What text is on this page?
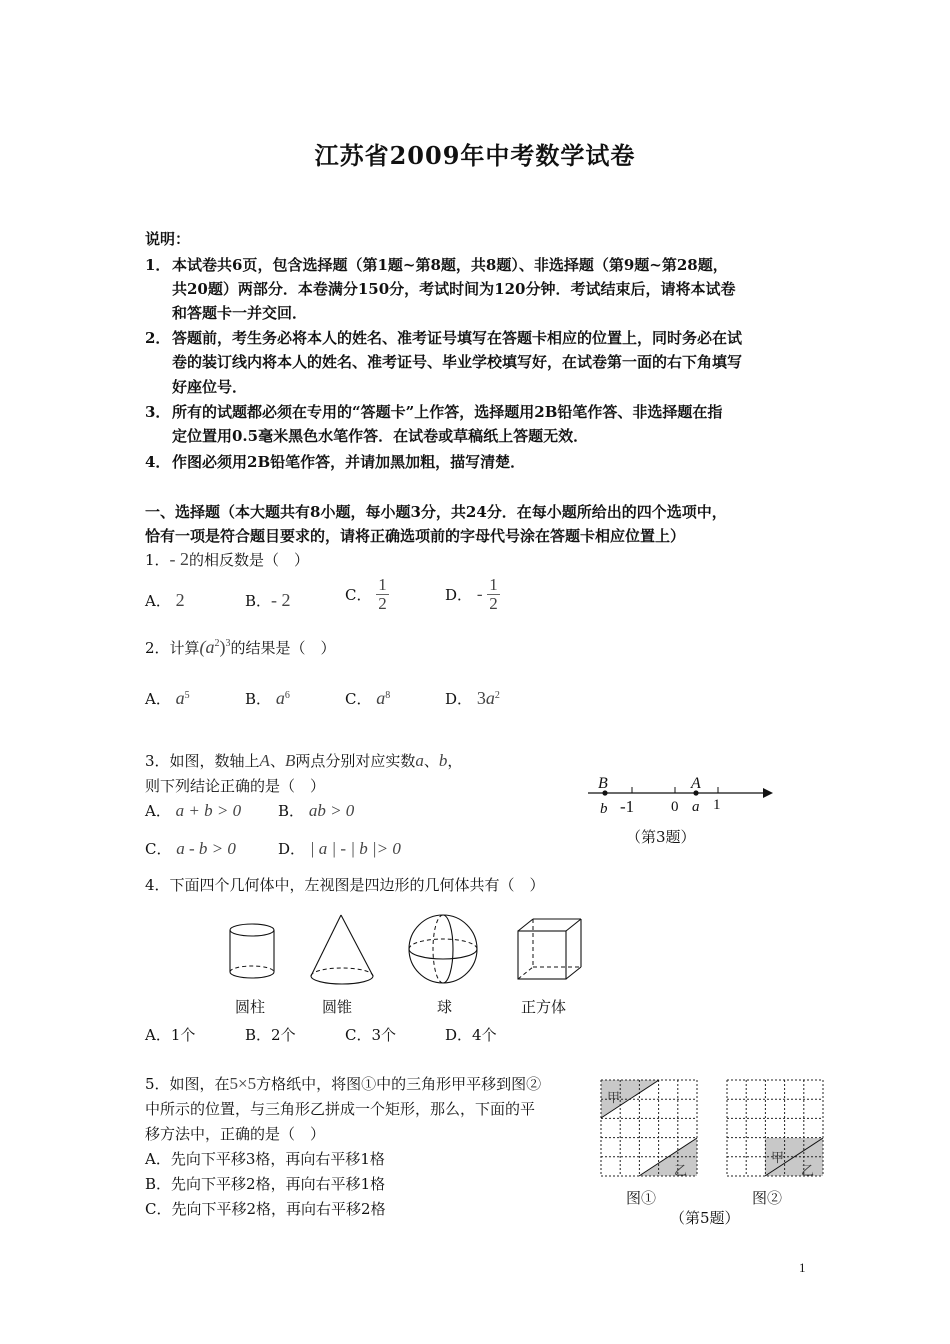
江苏省2009年中考数学试卷
说明：
1． 本试卷共6页，包含选择题（第1题~第8题，共8题）、非选择题（第9题~第28题，
共20题）两部分．本卷满分150分，考试时间为120分钟．考试结束后，请将本试卷
和答题卡一并交回．
2． 答题前，考生务必将本人的姓名、准考证号填写在答题卡相应的位置上，同时务必在试
卷的装订线内将本人的姓名、准考证号、毕业学校填写好，在试卷第一面的右下角填写
好座位号．
3． 所有的试题都必须在专用的“答题卡”上作答，选择题用2B铅笔作答、非选择题在指
定位置用0.5毫米黑色水笔作答．在试卷或草稿纸上答题无效．
4． 作图必须用2B铅笔作答，并请加黑加粗，描写清楚．
一、选择题（本大题共有8小题，每小题3分，共24分．在每小题所给出的四个选项中，
恰有一项是符合题目要求的，请将正确选项前的字母代号涂在答题卡相应位置上）
1．- 2的相反数是（　）
A． 2	B．- 2	C． $\frac{1}{2}$	D． - $\frac{1}{2}$
2．计算$(a^2)^3$的结果是（　）
A． $a^5$	B． $a^6$	C． $a^8$	D． $3a^2$
3．如图，数轴上A、B两点分别对应实数a、b，
则下列结论正确的是（　）
A． a + b > 0 B． ab > 0
C． a - b > 0	D． | a | - | b |> 0
B	A
b -1 0 a 1
（第3题）
4．下面四个几何体中，左视图是四边形的几何体共有（　）
圆柱	圆锥	球	正方体
A．1个	B．2个	C．3个	D．4个
5．如图，在5×5方格纸中，将图①中的三角形甲平移到图②
中所示的位置，与三角形乙拼成一个矩形，那么，下面的平
移方法中，正确的是（　）
A．先向下平移3格，再向右平移1格
B．先向下平移2格，再向右平移1格
C．先向下平移2格，再向右平移2格
甲
乙
甲
乙
图①	图②
（第5题）
1
